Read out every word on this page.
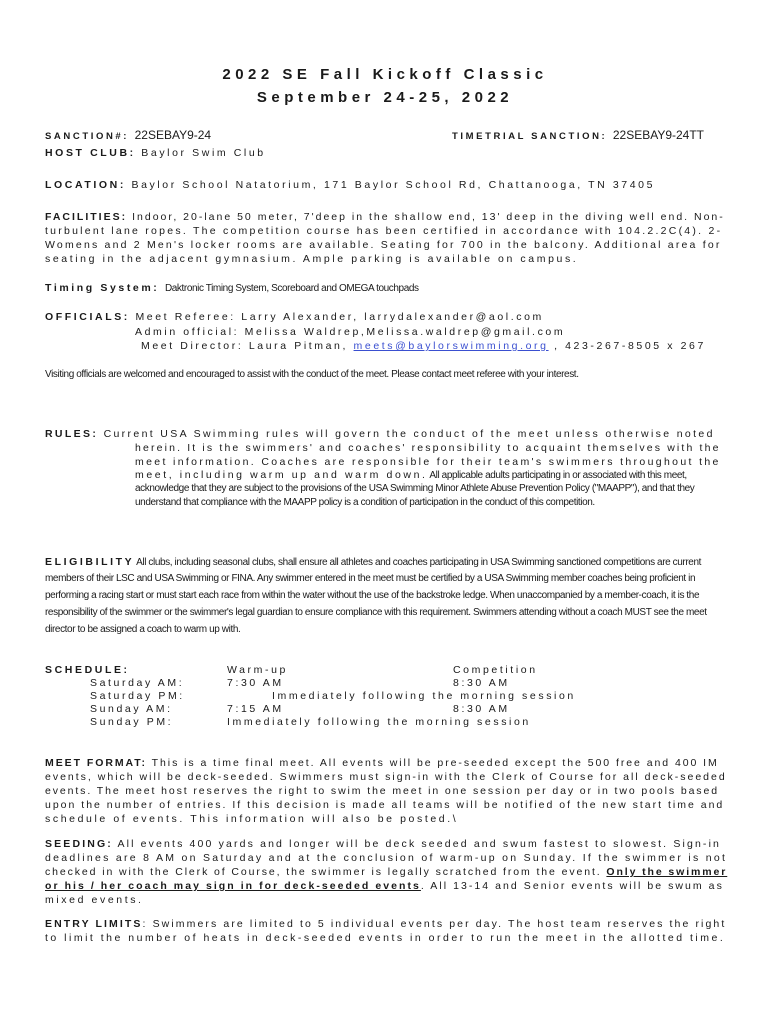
2022 SE Fall Kickoff Classic
September 24-25, 2022
SANCTION#: 22SEBAY9-24	TIMETRIAL SANCTION: 22SEBAY9-24TT
HOST CLUB: Baylor Swim Club
LOCATION: Baylor School Natatorium, 171 Baylor School Rd, Chattanooga, TN 37405
FACILITIES: Indoor, 20-lane 50 meter, 7'deep in the shallow end, 13' deep in the diving well end. Non-
turbulent lane ropes. The competition course has been certified in accordance with 104.2.2C(4). 2-
Womens and 2 Men's locker rooms are available. Seating for 700 in the balcony. Additional area for
seating in the adjacent gymnasium. Ample parking is available on campus.
Timing System: Daktronic Timing System, Scoreboard and OMEGA touchpads
OFFICIALS: Meet Referee: Larry Alexander, larrydalexander@aol.com
Admin official: Melissa Waldrep,Melissa.waldrep@gmail.com
Meet Director: Laura Pitman, meets@baylorswimming.org , 423-267-8505 x 267
Visiting officials are welcomed and encouraged to assist with the conduct of the meet. Please contact meet referee with your interest.
RULES: Current USA Swimming rules will govern the conduct of the meet unless otherwise noted
herein. It is the swimmers' and coaches' responsibility to acquaint themselves with the
meet information. Coaches are responsible for their team's swimmers throughout the
meet, including warm up and warm down. All applicable adults participating in or associated with this meet,
acknowledge that they are subject to the provisions of the USA Swimming Minor Athlete Abuse Prevention Policy ("MAAPP"), and that they
understand that compliance with the MAAPP policy is a condition of participation in the conduct of this competition.
ELIGIBILITY All clubs, including seasonal clubs, shall ensure all athletes and coaches participating in USA Swimming sanctioned competitions are current
members of their LSC and USA Swimming or FINA. Any swimmer entered in the meet must be certified by a USA Swimming member coaches being proficient in
performing a racing start or must start each race from within the water without the use of the backstroke ledge. When unaccompanied by a member-coach, it is the
responsibility of the swimmer or the swimmer's legal guardian to ensure compliance with this requirement. Swimmers attending without a coach MUST see the meet
director to be assigned a coach to warm up with.
SCHEDULE:	Warm-up	Competition
Saturday AM:	7:30 AM	8:30 AM
Saturday PM:	Immediately following the morning session
Sunday AM:	7:15 AM	8:30 AM
Sunday PM:	Immediately following the morning session
MEET FORMAT: This is a time final meet. All events will be pre-seeded except the 500 free and 400 IM
events, which will be deck-seeded. Swimmers must sign-in with the Clerk of Course for all deck-seeded
events. The meet host reserves the right to swim the meet in one session per day or in two pools based
upon the number of entries. If this decision is made all teams will be notified of the new start time and
schedule of events. This information will also be posted.\
SEEDING: All events 400 yards and longer will be deck seeded and swum fastest to slowest. Sign-in
deadlines are 8 AM on Saturday and at the conclusion of warm-up on Sunday. If the swimmer is not
checked in with the Clerk of Course, the swimmer is legally scratched from the event. Only the swimmer
or his / her coach may sign in for deck-seeded events. All 13-14 and Senior events will be swum as
mixed events.
ENTRY LIMITS: Swimmers are limited to 5 individual events per day. The host team reserves the right
to limit the number of heats in deck-seeded events in order to run the meet in the allotted time.
